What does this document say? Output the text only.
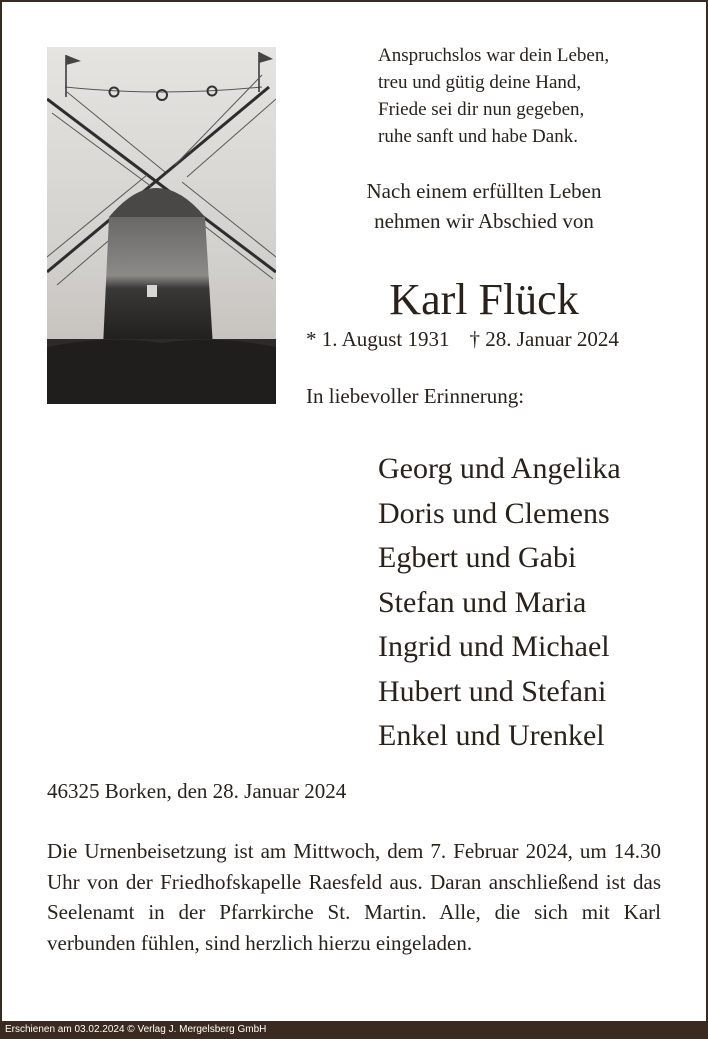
Anspruchslos war dein Leben,
treu und gütig deine Hand,
Friede sei dir nun gegeben,
ruhe sanft und habe Dank.
Nach einem erfüllten Leben
nehmen wir Abschied von
Karl Flück
* 1. August 1931 † 28. Januar 2024
In liebevoller Erinnerung:
Georg und Angelika
Doris und Clemens
Egbert und Gabi
Stefan und Maria
Ingrid und Michael
Hubert und Stefani
Enkel und Urenkel
46325 Borken, den 28. Januar 2024
Die Urnenbeisetzung ist am Mittwoch, dem 7. Februar 2024, um 14.30 Uhr von der Friedhofskapelle Raesfeld aus. Daran anschließend ist das Seelenamt in der Pfarrkirche St. Martin. Alle, die sich mit Karl verbunden fühlen, sind herzlich hierzu eingeladen.
Erschienen am 03.02.2024 © Verlag J. Mergelsberg GmbH
